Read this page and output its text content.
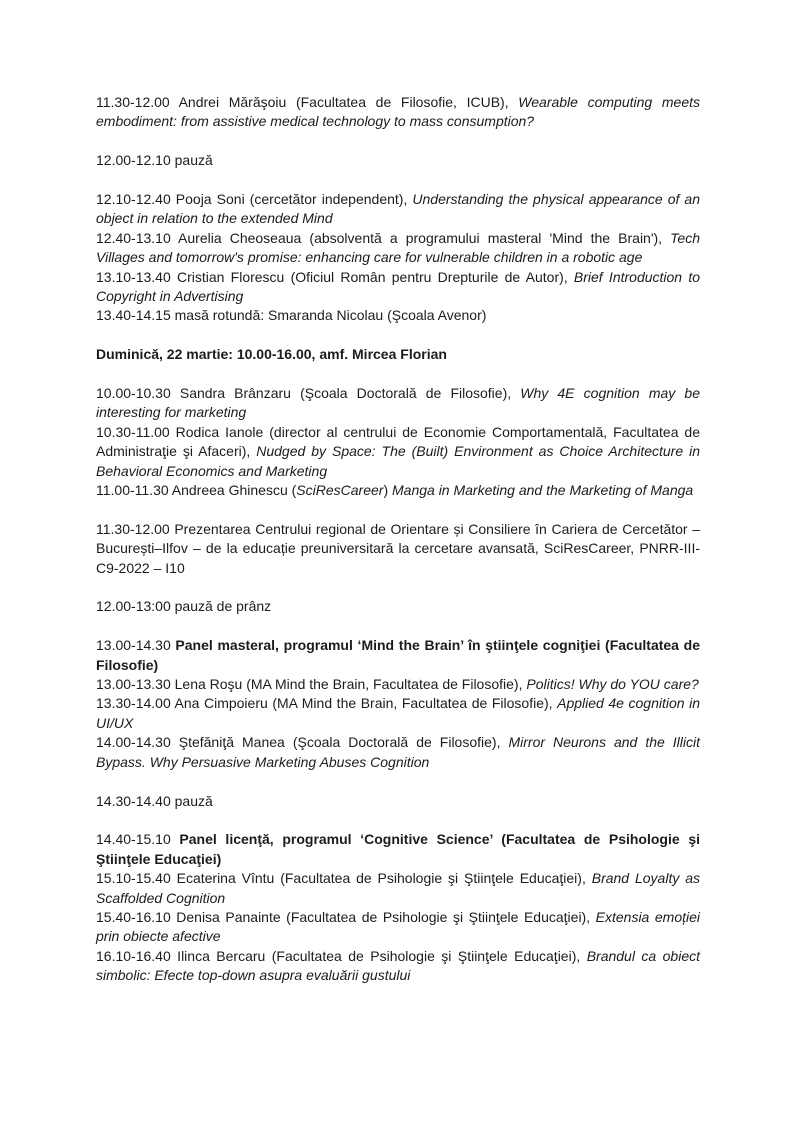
11.30-12.00 Andrei Mărăşoiu (Facultatea de Filosofie, ICUB), Wearable computing meets embodiment: from assistive medical technology to mass consumption?

12.00-12.10 pauză

12.10-12.40 Pooja Soni (cercetător independent), Understanding the physical appearance of an object in relation to the extended Mind

12.40-13.10 Aurelia Cheoseaua (absolventă a programului masteral 'Mind the Brain'), Tech Villages and tomorrow's promise: enhancing care for vulnerable children in a robotic age

13.10-13.40 Cristian Florescu (Oficiul Român pentru Drepturile de Autor), Brief Introduction to Copyright in Advertising

13.40-14.15 masă rotundă: Smaranda Nicolau (Şcoala Avenor)

Duminică, 22 martie: 10.00-16.00, amf. Mircea Florian

10.00-10.30 Sandra Brânzaru (Şcoala Doctorală de Filosofie), Why 4E cognition may be interesting for marketing

10.30-11.00 Rodica Ianole (director al centrului de Economie Comportamentală, Facultatea de Administraţie şi Afaceri), Nudged by Space: The (Built) Environment as Choice Architecture in Behavioral Economics and Marketing

11.00-11.30 Andreea Ghinescu (SciResCareer) Manga in Marketing and the Marketing of Manga

11.30-12.00 Prezentarea Centrului regional de Orientare și Consiliere în Cariera de Cercetător – București–Ilfov – de la educație preuniversitară la cercetare avansată, SciResCareer, PNRR-III-C9-2022 – I10

12.00-13:00 pauză de prânz

13.00-14.30 Panel masteral, programul ‘Mind the Brain’ în ştiinţele cogniţiei (Facultatea de Filosofie)

13.00-13.30 Lena Roşu (MA Mind the Brain, Facultatea de Filosofie), Politics! Why do YOU care?

13.30-14.00 Ana Cimpoieru (MA Mind the Brain, Facultatea de Filosofie), Applied 4e cognition in UI/UX

14.00-14.30 Ştefăniţă Manea (Şcoala Doctorală de Filosofie), Mirror Neurons and the Illicit Bypass. Why Persuasive Marketing Abuses Cognition

14.30-14.40 pauză

14.40-15.10 Panel licenţă, programul ‘Cognitive Science’ (Facultatea de Psihologie şi Ştiinţele Educaţiei)

15.10-15.40 Ecaterina Vîntu (Facultatea de Psihologie şi Ştiinţele Educaţiei), Brand Loyalty as Scaffolded Cognition

15.40-16.10 Denisa Panainte (Facultatea de Psihologie şi Ştiinţele Educaţiei), Extensia emoției prin obiecte afective

16.10-16.40 Ilinca Bercaru (Facultatea de Psihologie şi Ştiinţele Educaţiei), Brandul ca obiect simbolic: Efecte top-down asupra evaluării gustului
